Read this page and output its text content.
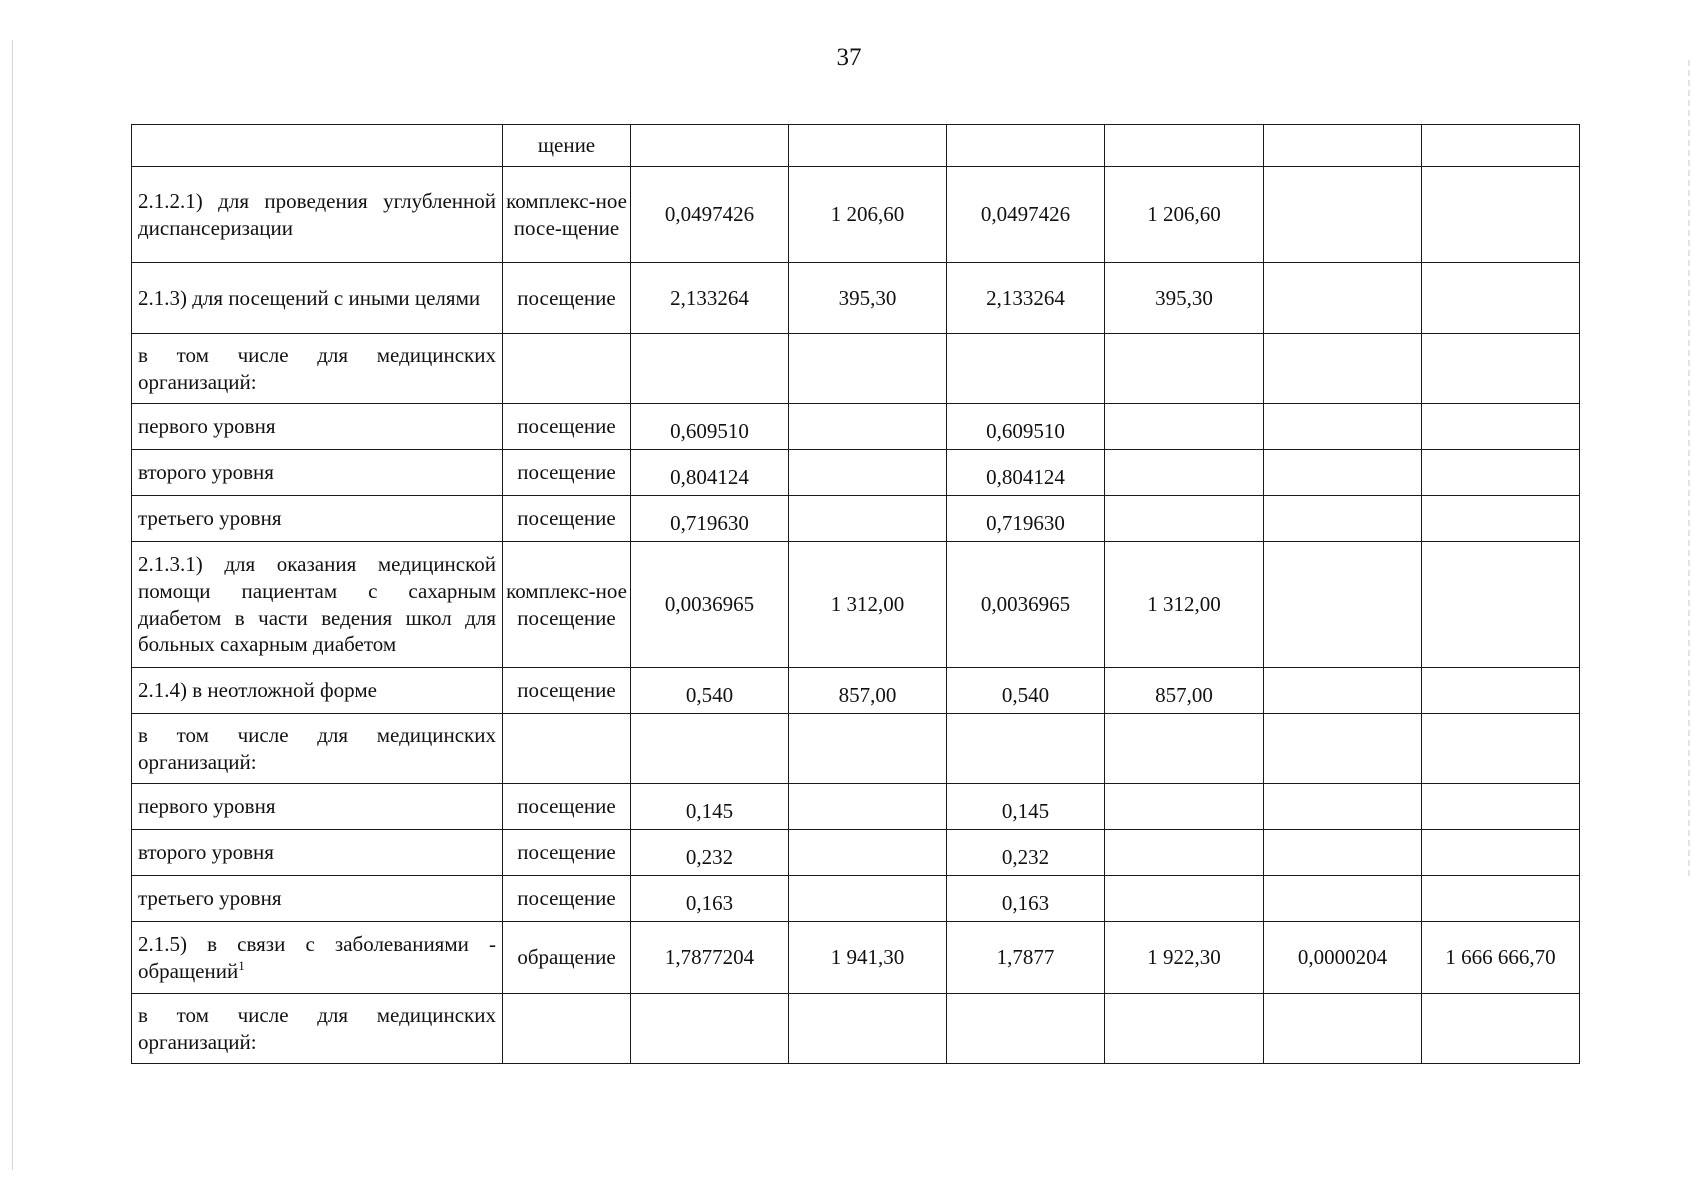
37
	щение						
2.1.2.1) для проведения углубленной диспансеризации	комплекс-ное посе-щение	0,0497426	1 206,60	0,0497426	1 206,60		
2.1.3) для посещений с иными целями	посещение	2,133264	395,30	2,133264	395,30		
в том числе для медицинских организаций:							
первого уровня	посещение	0,609510		0,609510			
второго уровня	посещение	0,804124		0,804124			
третьего уровня	посещение	0,719630		0,719630			
2.1.3.1) для оказания медицинской помощи пациентам с сахарным диабетом в части ведения школ для больных сахарным диабетом	комплекс-ное посещение	0,0036965	1 312,00	0,0036965	1 312,00		
2.1.4) в неотложной форме	посещение	0,540	857,00	0,540	857,00		
в том числе для медицинских организаций:							
первого уровня	посещение	0,145		0,145			
второго уровня	посещение	0,232		0,232			
третьего уровня	посещение	0,163		0,163			
2.1.5) в связи с заболеваниями - обращений$^1$	обращение	1,7877204	1 941,30	1,7877	1 922,30	0,0000204	1 666 666,70
в том числе для медицинских организаций:							
